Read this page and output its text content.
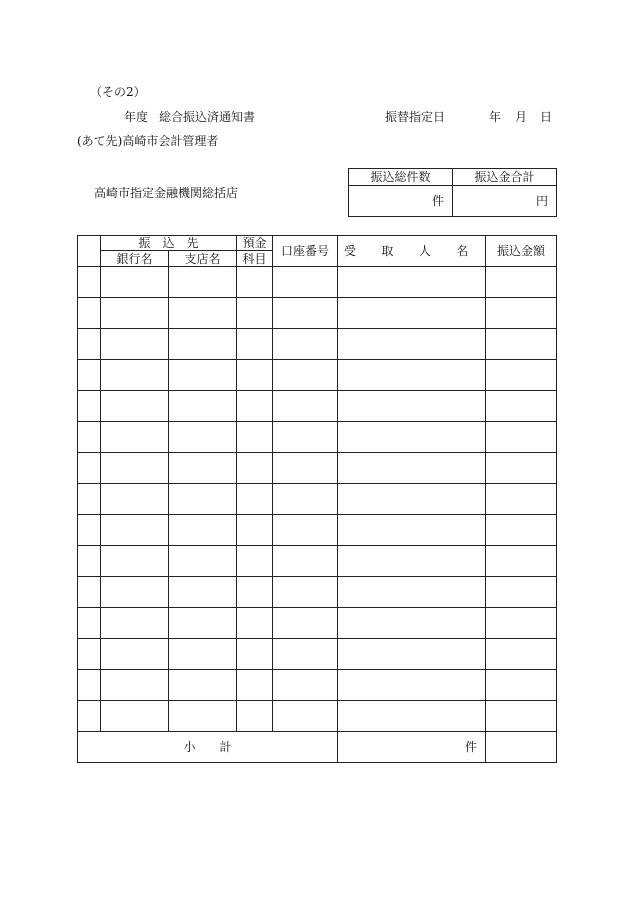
（その2）
年度 総合振込済通知書	振替指定日	年 月 日
(あて先)高崎市会計管理者
高崎市指定金融機関総括店
振込総件数	振込金合計
件	円
	振　込　先		預金	口座番号	受 取 人 名	振込金額
	銀行名	支店名	科目			

小　　計					件	
